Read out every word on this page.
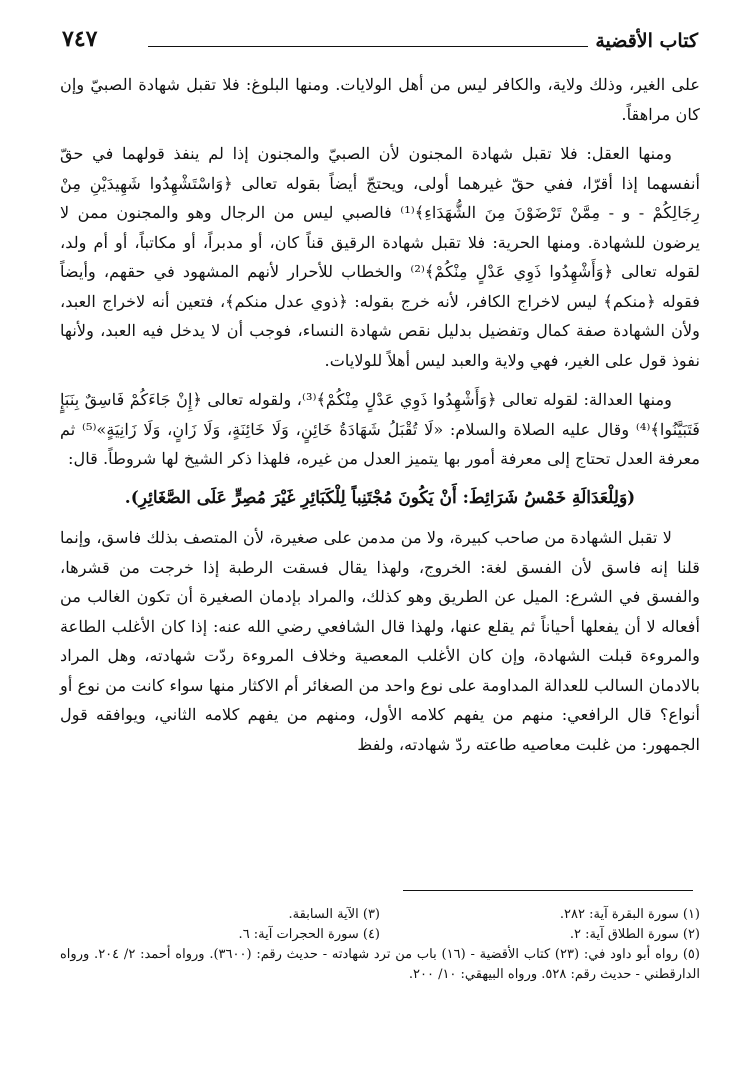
كتاب الأقضية
٧٤٧

على الغير، وذلك ولاية، والكافر ليس من أهل الولايات. ومنها البلوغ: فلا تقبل شهادة الصبيّ وإن كان مراهقاً.

ومنها العقل: فلا تقبل شهادة المجنون لأن الصبيّ والمجنون إذا لم ينفذ قولهما في حقّ أنفسهما إذا أقرّا، ففي حقّ غيرهما أولى، ويحتجّ أيضاً بقوله تعالى ﴿وَاسْتَشْهِدُوا شَهِيدَيْنِ مِنْ رِجَالِكُمْ - و - مِمَّنْ تَرْضَوْنَ مِنَ الشُّهَدَاءِ﴾⁽¹⁾ فالصبي ليس من الرجال وهو والمجنون ممن لا يرضون للشهادة. ومنها الحرية: فلا تقبل شهادة الرقيق قناً كان، أو مدبراً، أو مكاتباً، أو أم ولد، لقوله تعالى ﴿وَأَشْهِدُوا ذَوِي عَدْلٍ مِنْكُمْ﴾⁽²⁾ والخطاب للأحرار لأنهم المشهود في حقهم، وأيضاً فقوله ﴿منكم﴾ ليس لاخراج الكافر، لأنه خرج بقوله: ﴿ذوي عدل منكم﴾، فتعين أنه لاخراج العبد، ولأن الشهادة صفة كمال وتفضيل بدليل نقص شهادة النساء، فوجب أن لا يدخل فيه العبد، ولأنها نفوذ قول على الغير، فهي ولاية والعبد ليس أهلاً للولايات.

ومنها العدالة: لقوله تعالى ﴿وَأَشْهِدُوا ذَوِي عَدْلٍ مِنْكُمْ﴾⁽³⁾، ولقوله تعالى ﴿إِنْ جَاءَكُمْ فَاسِقٌ بِنَبَإٍ فَتَبَيَّنُوا﴾⁽⁴⁾ وقال عليه الصلاة والسلام: «لَا تُقْبَلُ شَهَادَةُ خَائِنٍ، وَلَا خَائِنَةٍ، وَلَا زَانٍ، وَلَا زَانِيَةٍ»⁽⁵⁾ ثم معرفة العدل تحتاج إلى معرفة أمور بها يتميز العدل من غيره، فلهذا ذكر الشيخ لها شروطاً. قال:

(وَلِلْعَدَالَةِ خَمْسُ شَرَائِطَ: أَنْ يَكُونَ مُجْتَنِباً لِلْكَبَائِرِ غَيْرَ مُصِرٍّ عَلَى الصَّغَائِرِ).

لا تقبل الشهادة من صاحب كبيرة، ولا من مدمن على صغيرة، لأن المتصف بذلك فاسق، وإنما قلنا إنه فاسق لأن الفسق لغة: الخروج، ولهذا يقال فسقت الرطبة إذا خرجت من قشرها، والفسق في الشرع: الميل عن الطريق وهو كذلك، والمراد بإدمان الصغيرة أن تكون الغالب من أفعاله لا أن يفعلها أحياناً ثم يقلع عنها، ولهذا قال الشافعي رضي الله عنه: إذا كان الأغلب الطاعة والمروءة قبلت الشهادة، وإن كان الأغلب المعصية وخلاف المروءة ردّت شهادته، وهل المراد بالادمان السالب للعدالة المداومة على نوع واحد من الصغائر أم الاكثار منها سواء كانت من نوع أو أنواع؟ قال الرافعي: منهم من يفهم كلامه الأول، ومنهم من يفهم كلامه الثاني، ويوافقه قول الجمهور: من غلبت معاصيه طاعته ردّ شهادته، ولفظ

(١) سورة البقرة آية: ٢٨٢.
(٣) الآية السابقة.
(٢) سورة الطلاق آية: ٢.
(٤) سورة الحجرات آية: ٦.
(٥) رواه أبو داود في: (٢٣) كتاب الأقضية - (١٦) باب من ترد شهادته - حديث رقم: (٣٦٠٠). ورواه أحمد: ٢/ ٢٠٤. ورواه الدارقطني - حديث رقم: ٥٢٨. ورواه البيهقي: ١٠/ ٢٠٠.
